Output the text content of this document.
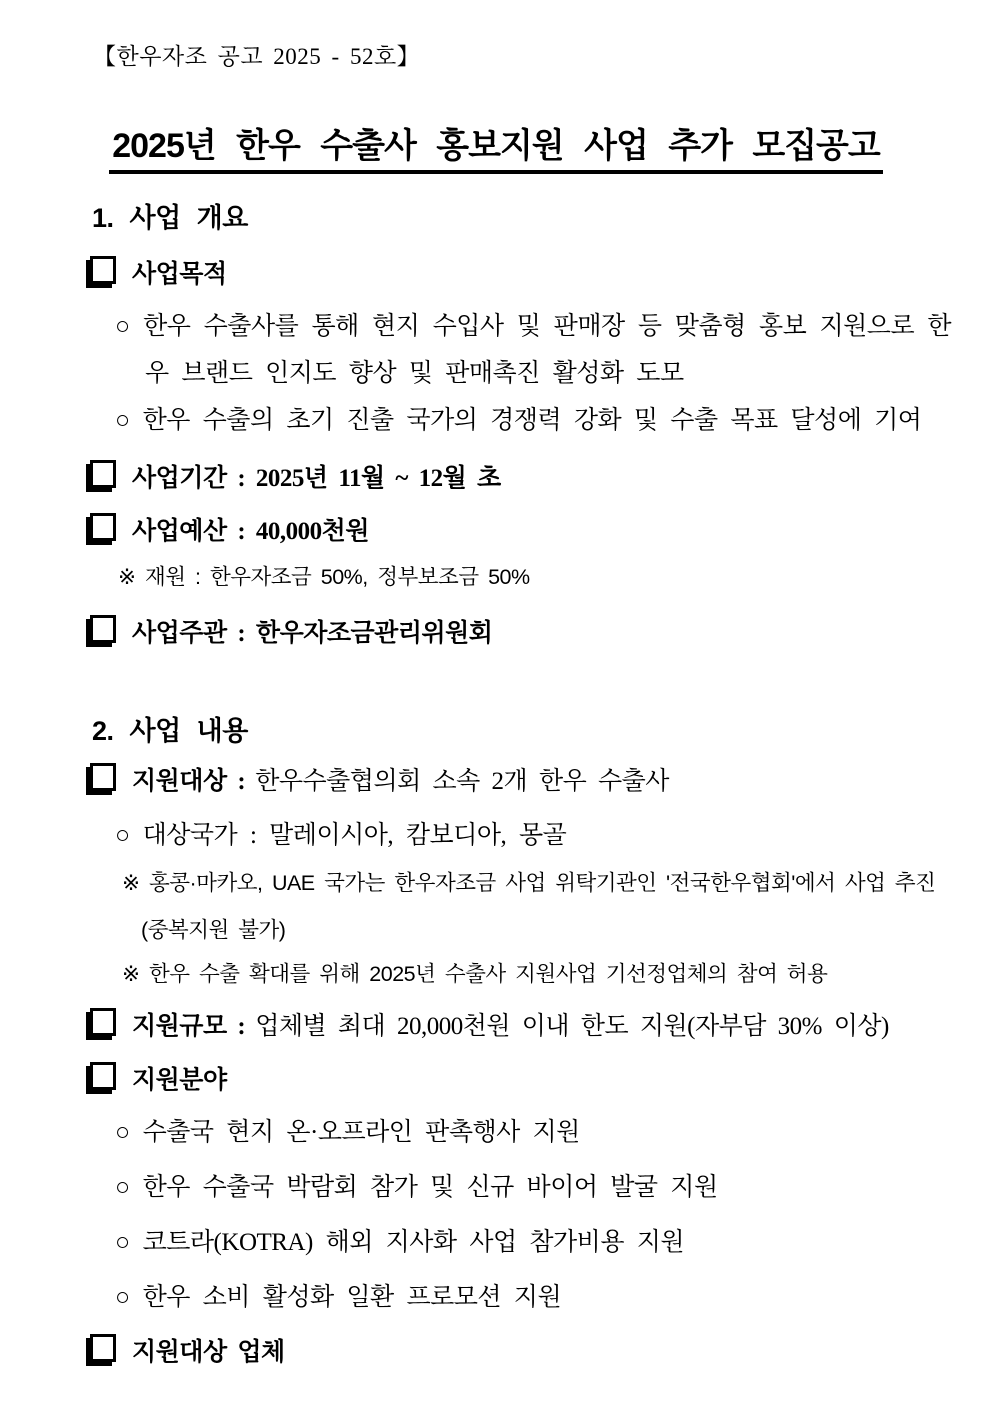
【한우자조 공고 2025 - 52호】
2025년 한우 수출사 홍보지원 사업 추가 모집공고
1. 사업 개요
사업목적
○ 한우 수출사를 통해 현지 수입사 및 판매장 등 맞춤형 홍보 지원으로 한우 브랜드 인지도 향상 및 판매촉진 활성화 도모
○ 한우 수출의 초기 진출 국가의 경쟁력 강화 및 수출 목표 달성에 기여
사업기간 : 2025년 11월 ~ 12월 초
사업예산 : 40,000천원
※ 재원 : 한우자조금 50%, 정부보조금 50%
사업주관 : 한우자조금관리위원회
2. 사업 내용
지원대상 : 한우수출협의회 소속 2개 한우 수출사
○ 대상국가 : 말레이시아, 캄보디아, 몽골
※ 홍콩·마카오, UAE 국가는 한우자조금 사업 위탁기관인 '전국한우협회'에서 사업 추진
(중복지원 불가)
※ 한우 수출 확대를 위해 2025년 수출사 지원사업 기선정업체의 참여 허용
지원규모 : 업체별 최대 20,000천원 이내 한도 지원(자부담 30% 이상)
지원분야
○ 수출국 현지 온·오프라인 판촉행사 지원
○ 한우 수출국 박람회 참가 및 신규 바이어 발굴 지원
○ 코트라(KOTRA) 해외 지사화 사업 참가비용 지원
○ 한우 소비 활성화 일환 프로모션 지원
지원대상 업체
